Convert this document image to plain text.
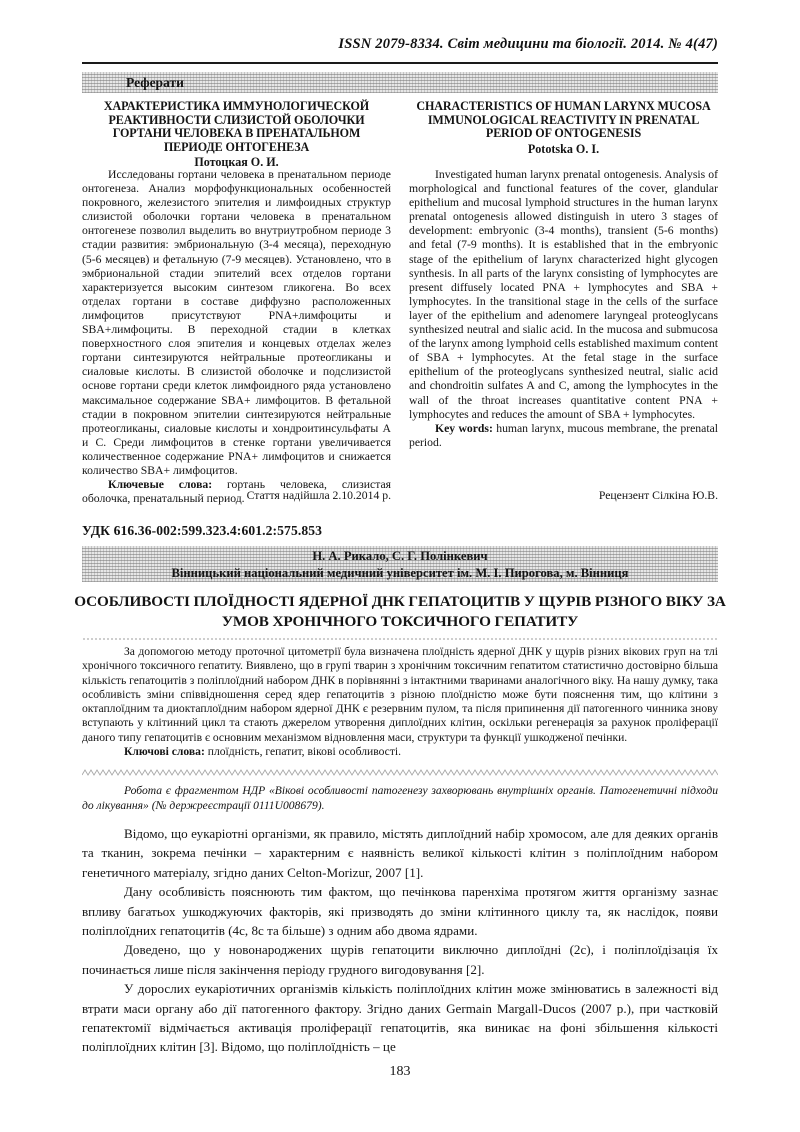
ISSN 2079-8334. Світ медицини та біології. 2014. № 4(47)
Реферати
ХАРАКТЕРИСТИКА ИММУНОЛОГИЧЕСКОЙ РЕАКТИВНОСТИ СЛИЗИСТОЙ ОБОЛОЧКИ ГОРТАНИ ЧЕЛОВЕКА В ПРЕНАТАЛЬНОМ ПЕРИОДЕ ОНТОГЕНЕЗА
Потоцкая О. И.
CHARACTERISTICS OF HUMAN LARYNX MUCOSA IMMUNOLOGICAL REACTIVITY IN PRENATAL PERIOD OF ONTOGENESIS
Pototska O. I.

Исследованы гортани человека в пренатальном периоде онтогенеза. Анализ морфофункциональных особенностей покровного, железистого эпителия и лимфоидных структур слизистой оболочки гортани человека в пренатальном онтогенезе позволил выделить во внутриутробном периоде 3 стадии развития: эмбриональную (3-4 месяца), переходную (5-6 месяцев) и фетальную (7-9 месяцев). Установлено, что в эмбриональной стадии эпителий всех отделов гортани характеризуется высоким синтезом гликогена. Во всех отделах гортани в составе диффузно расположенных лимфоцитов присутствуют PNA+лимфоциты и SBA+лимфоциты. В переходной стадии в клетках поверхностного слоя эпителия и концевых отделах желез гортани синтезируются нейтральные протеогликаны и сиаловые кислоты. В слизистой оболочке и подслизистой основе гортани среди клеток лимфоидного ряда установлено максимальное содержание SBA+ лимфоцитов. В фетальной стадии в покровном эпителии синтезируются нейтральные протеогликаны, сиаловые кислоты и хондроитинсульфаты А и С. Среди лимфоцитов в стенке гортани увеличивается количественное содержание PNA+ лимфоцитов и снижается количество SBA+ лимфоцитов.

Ключевые слова: гортань человека, слизистая оболочка, пренатальный период.

Investigated human larynx prenatal ontogenesis. Analysis of morphological and functional features of the cover, glandular epithelium and mucosal lymphoid structures in the human larynx prenatal ontogenesis allowed distinguish in utero 3 stages of development: embryonic (3-4 months), transient (5-6 months) and fetal (7-9 months). It is established that in the embryonic stage of the epithelium of larynx characterized hight glycogen synthesis. In all parts of the larynx consisting of lymphocytes are present diffusely located PNA + lymphocytes and SBA + lymphocytes. In the transitional stage in the cells of the surface layer of the epithelium and adenomere laryngeal proteoglycans synthesized neutral and sialic acid. In the mucosa and submucosa of the larynx among lymphoid cells established maximum content of SBA + lymphocytes. At the fetal stage in the surface epithelium of the proteoglycans synthesized neutral, sialic acid and chondroitin sulfates A and C, among the lymphocytes in the wall of the throat increases quantitative content PNA + lymphocytes and reduces the amount of SBA + lymphocytes.

Key words: human larynx, mucous membrane, the prenatal period.

Стаття надійшла 2.10.2014 р.	Рецензент Сілкіна Ю.В.
УДК 616.36-002:599.323.4:601.2:575.853
Н. А. Рикало, С. Г. Полінкевич
Вінницький національний медичний університет ім. М. І. Пирогова, м. Вінниця
ОСОБЛИВОСТІ ПЛОЇДНОСТІ ЯДЕРНОЇ ДНК ГЕПАТОЦИТІВ У ЩУРІВ РІЗНОГО ВІКУ ЗА УМОВ ХРОНІЧНОГО ТОКСИЧНОГО ГЕПАТИТУ

За допомогою методу проточної цитометрії була визначена плоїдність ядерної ДНК у щурів різних вікових груп на тлі хронічного токсичного гепатиту. Виявлено, що в групі тварин з хронічним токсичним гепатитом статистично достовірно більша кількість гепатоцитів з поліплоїдний набором ДНК в порівнянні з інтактними тваринами аналогічного віку. На нашу думку, така особливість зміни співвідношення серед ядер гепатоцитів з різною плоїдністю може бути пояснення тим, що клітини з октаплоїдним та диоктаплоїдним набором ядерної ДНК є резервним пулом, та після припинення дії патогенного чинника знову вступають у клітинний цикл та стають джерелом утворення диплоїдних клітин, оскільки регенерація за рахунок проліферації даного типу гепатоцитів є основним механізмом відновлення маси, структури та функції ушкодженої печінки.

Ключові слова: плоїдність, гепатит, вікові особливості.

Робота є фрагментом НДР «Вікові особливості патогенезу захворювань внутрішніх органів. Патогенетичні підходи до лікування» (№ держреєстрації 0111U008679).

Відомо, що еукаріотні організми, як правило, містять диплоїдний набір хромосом, але для деяких органів та тканин, зокрема печінки – характерним є наявність великої кількості клітин з поліплоїдним набором генетичного матеріалу, згідно даних Celton-Morizur, 2007 [1].

Дану особливість пояснюють тим фактом, що печінкова паренхіма протягом життя організму зазнає впливу багатьох ушкоджуючих факторів, які призводять до зміни клітинного циклу та, як наслідок, появи поліплоїдних гепатоцитів (4с, 8с та більше) з одним або двома ядрами.

Доведено, що у новонароджених щурів гепатоцити виключно диплоїдні (2с), і поліплоїдізація їх починається лише після закінчення періоду грудного вигодовування [2].

У дорослих еукаріотичних організмів кількість поліплоїдних клітин може змінюватись в залежності від втрати маси органу або дії патогенного фактору. Згідно даних Germain Margall-Ducos (2007 р.), при частковій гепатектомії відмічається активація проліферації гепатоцитів, яка виникає на фоні збільшення кількості поліплоїдних клітин [3]. Відомо, що поліплоїдність – це

183
